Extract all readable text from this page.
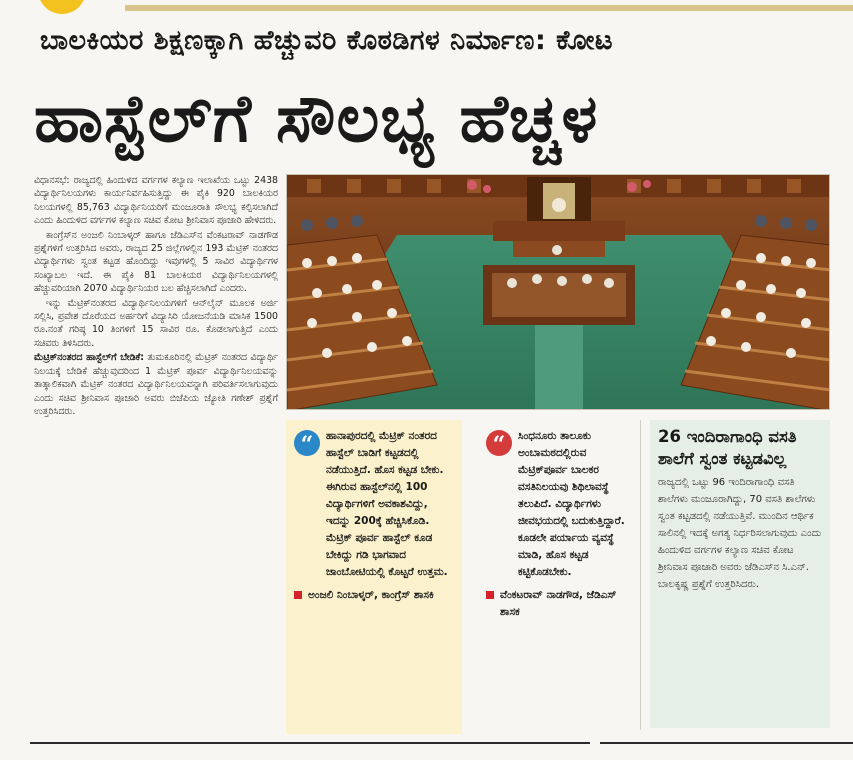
ಬಾಲಕಿಯರ ಶಿಕ್ಷಣಕ್ಕಾಗಿ ಹೆಚ್ಚುವರಿ ಕೊಠಡಿಗಳ ನಿರ್ಮಾಣ: ಕೋಟ
ಹಾಸ್ಟೆಲ್‌ಗೆ ಸೌಲಭ್ಯ ಹೆಚ್ಚಳ

ವಿಧಾನಸಭೆ: ರಾಜ್ಯದಲ್ಲಿ ಹಿಂದುಳಿದ ವರ್ಗಗಳ ಕಲ್ಯಾಣ ಇಲಾಖೆಯ ಒಟ್ಟು 2438 ವಿದ್ಯಾರ್ಥಿನಿಲಯಗಳು ಕಾರ್ಯನಿರ್ವಹಿಸುತ್ತಿದ್ದು ಈ ಪೈಕಿ 920 ಬಾಲಕಿಯರ ನಿಲಯಗಳಲ್ಲಿ 85,763 ವಿದ್ಯಾರ್ಥಿನಿಯರಿಗೆ ಮಂಜೂರಾತಿ ಸೌಲಭ್ಯ ಕಲ್ಪಿಸಲಾಗಿದೆ ಎಂದು ಹಿಂದುಳಿದ ವರ್ಗಗಳ ಕಲ್ಯಾಣ ಸಚಿವ ಕೋಟ ಶ್ರೀನಿವಾಸ ಪೂಜಾರಿ ಹೇಳಿದರು.

ಕಾಂಗ್ರೆಸ್‌ನ ಅಂಜಲಿ ನಿಂಬಾಳ್ಕರ್ ಹಾಗೂ ಜೆಡಿಎಸ್‌ನ ವೆಂಕಟರಾವ್ ನಾಡಗೌಡ ಪ್ರಶ್ನೆಗಳಿಗೆ ಉತ್ತರಿಸಿದ ಅವರು, ರಾಜ್ಯದ 25 ಜಿಲ್ಲೆಗಳಲ್ಲಿನ 193 ಮೆಟ್ರಿಕ್ ನಂತರದ ವಿದ್ಯಾರ್ಥಿಗಳು ಸ್ವಂತ ಕಟ್ಟಡ ಹೊಂದಿದ್ದು ಇವುಗಳಲ್ಲಿ 5 ಸಾವಿರ ವಿದ್ಯಾರ್ಥಿಗಳ ಸಂಖ್ಯಾಬಲ ಇದೆ. ಈ ಪೈಕಿ 81 ಬಾಲಕಿಯರ ವಿದ್ಯಾರ್ಥಿನಿಲಯಗಳಲ್ಲಿ ಹೆಚ್ಚುವರಿಯಾಗಿ 2070 ವಿದ್ಯಾರ್ಥಿನಿಯರ ಬಲ ಹೆಚ್ಚಿಸಲಾಗಿದೆ ಎಂದರು.

ಇನ್ನು ಮೆಟ್ರಿಕ್‌ನಂತರದ ವಿದ್ಯಾರ್ಥಿನಿಲಯಗಳಿಗೆ ಆನ್‌ಲೈನ್ ಮೂಲಕ ಅರ್ಜಿ ಸಲ್ಲಿಸಿ, ಪ್ರವೇಶ ದೊರೆಯದ ಅರ್ಹರಿಗೆ ವಿದ್ಯಾಸಿರಿ ಯೋಜನೆಯಡಿ ಮಾಸಿಕ 1500 ರೂ.ನಂತೆ ಗರಿಷ್ಠ 10 ತಿಂಗಳಿಗೆ 15 ಸಾವಿರ ರೂ. ಕೊಡಲಾಗುತ್ತಿದೆ ಎಂದು ಸಚಿವರು ತಿಳಿಸಿದರು.

ಮೆಟ್ರಿಕ್‌ನಂತರದ ಹಾಸ್ಟೆಲ್‌ಗೆ ಬೇಡಿಕೆ: ತುಮಕೂರಿನಲ್ಲಿ ಮೆಟ್ರಿಕ್ ನಂತರದ ವಿದ್ಯಾರ್ಥಿ ನಿಲಯಕ್ಕೆ ಬೇಡಿಕೆ ಹೆಚ್ಚುವುದರಿಂದ 1 ಮೆಟ್ರಿಕ್ ಪೂರ್ವ ವಿದ್ಯಾರ್ಥಿನಿಲಯವನ್ನು ತಾತ್ಕಾಲಿಕವಾಗಿ ಮೆಟ್ರಿಕ್ ನಂತರದ ವಿದ್ಯಾರ್ಥಿನಿಲಯವನ್ನಾಗಿ ಪರಿವರ್ತಿಸಲಾಗುವುದು ಎಂದು ಸಚಿವ ಶ್ರೀನಿವಾಸ ಪೂಜಾರಿ ಅವರು ಬಿಜೆಪಿಯ ಜ್ಯೋತಿ ಗಣೇಶ್ ಪ್ರಶ್ನೆಗೆ ಉತ್ತರಿಸಿದರು.

“	ಹಾನಾಪುರದಲ್ಲಿ ಮೆಟ್ರಿಕ್ ನಂತರದ ಹಾಸ್ಟೆಲ್ ಬಾಡಿಗೆ ಕಟ್ಟಡದಲ್ಲಿ ನಡೆಯುತ್ತಿದೆ. ಹೊಸ ಕಟ್ಟಡ ಬೇಕು. ಈಗಿರುವ ಹಾಸ್ಟೆಲ್‌ನಲ್ಲಿ 100 ವಿದ್ಯಾರ್ಥಿಗಳಿಗೆ ಅವಕಾಶವಿದ್ದು, ಇದನ್ನು 200ಕ್ಕೆ ಹೆಚ್ಚಿಸಿಕೊಡಿ. ಮೆಟ್ರಿಕ್ ಪೂರ್ವ ಹಾಸ್ಟೆಲ್ ಕೂಡ ಬೇಕಿದ್ದು ಗಡಿ ಭಾಗವಾದ ಜಾಂಬೋಟಿಯಲ್ಲಿ ಕೊಟ್ಟರೆ ಉತ್ತಮ.
ಅಂಜಲಿ ನಿಂಬಾಳ್ಕರ್, ಕಾಂಗ್ರೆಸ್ ಶಾಸಕಿ
“	ಸಿಂಧನೂರು ತಾಲೂಕು ಅಂಬಾಮಠದಲ್ಲಿರುವ ಮೆಟ್ರಿಕ್‌ಪೂರ್ವ ಬಾಲಕರ ವಸತಿನಿಲಯವು ಶಿಥಿಲಾವಸ್ಥೆ ತಲುಪಿದೆ. ವಿದ್ಯಾರ್ಥಿಗಳು ಜೀವಭಯದಲ್ಲಿ ಬದುಕುತ್ತಿದ್ದಾರೆ. ಕೂಡಲೇ ಪರ್ಯಾಯ ವ್ಯವಸ್ಥೆ ಮಾಡಿ, ಹೊಸ ಕಟ್ಟಡ ಕಟ್ಟಿಕೊಡಬೇಕು.
ವೆಂಕಟರಾವ್ ನಾಡಗೌಡ, ಜೆಡಿಎಸ್ ಶಾಸಕ
26 ಇಂದಿರಾಗಾಂಧಿ ವಸತಿ ಶಾಲೆಗೆ ಸ್ವಂತ ಕಟ್ಟಡವಿಲ್ಲ
ರಾಜ್ಯದಲ್ಲಿ ಒಟ್ಟು 96 ಇಂದಿರಾಗಾಂಧಿ ವಸತಿ ಶಾಲೆಗಳು ಮಂಜೂರಾಗಿದ್ದು, 70 ವಸತಿ ಶಾಲೆಗಳು ಸ್ವಂತ ಕಟ್ಟಡದಲ್ಲಿ ನಡೆಯುತ್ತಿವೆ. ಮುಂದಿನ ಆರ್ಥಿಕ ಸಾಲಿನಲ್ಲಿ ಇದಕ್ಕೆ ಅಗತ್ಯ ನಿರ್ಧರಿಸಲಾಗುವುದು ಎಂದು ಹಿಂದುಳಿದ ವರ್ಗಗಳ ಕಲ್ಯಾಣ ಸಚಿವ ಕೋಟ ಶ್ರೀನಿವಾಸ ಪೂಜಾರಿ ಅವರು ಜೆಡಿಎಸ್‌ನ ಸಿ.ಎನ್. ಬಾಲಕೃಷ್ಣ ಪ್ರಶ್ನೆಗೆ ಉತ್ತರಿಸಿದರು.
